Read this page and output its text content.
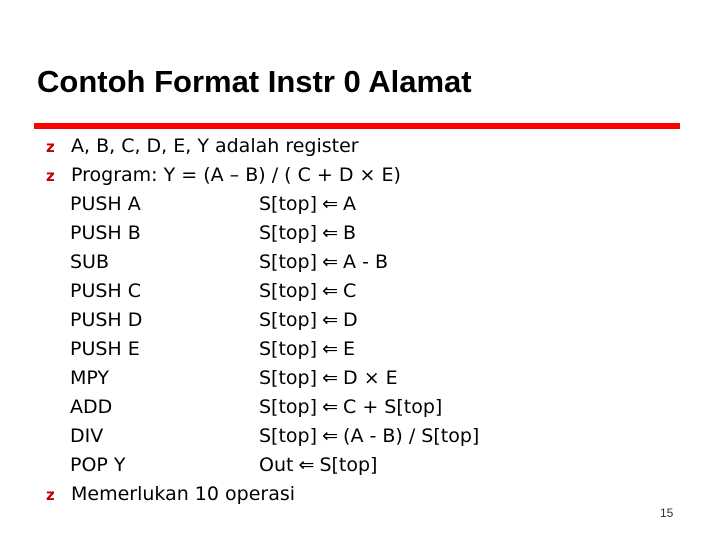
Contoh Format Instr 0 Alamat
z A, B, C, D, E, Y adalah register
z Program: Y = (A – B) / ( C + D × E)
PUSH A	S[top] ⇐ A
PUSH B	S[top] ⇐ B
SUB	S[top] ⇐ A - B
PUSH C	S[top] ⇐ C
PUSH D	S[top] ⇐ D
PUSH E	S[top] ⇐ E
MPY	S[top] ⇐ D × E
ADD	S[top] ⇐ C + S[top]
DIV	S[top] ⇐ (A - B) / S[top]
POP Y	Out ⇐ S[top]
z Memerlukan 10 operasi
15
